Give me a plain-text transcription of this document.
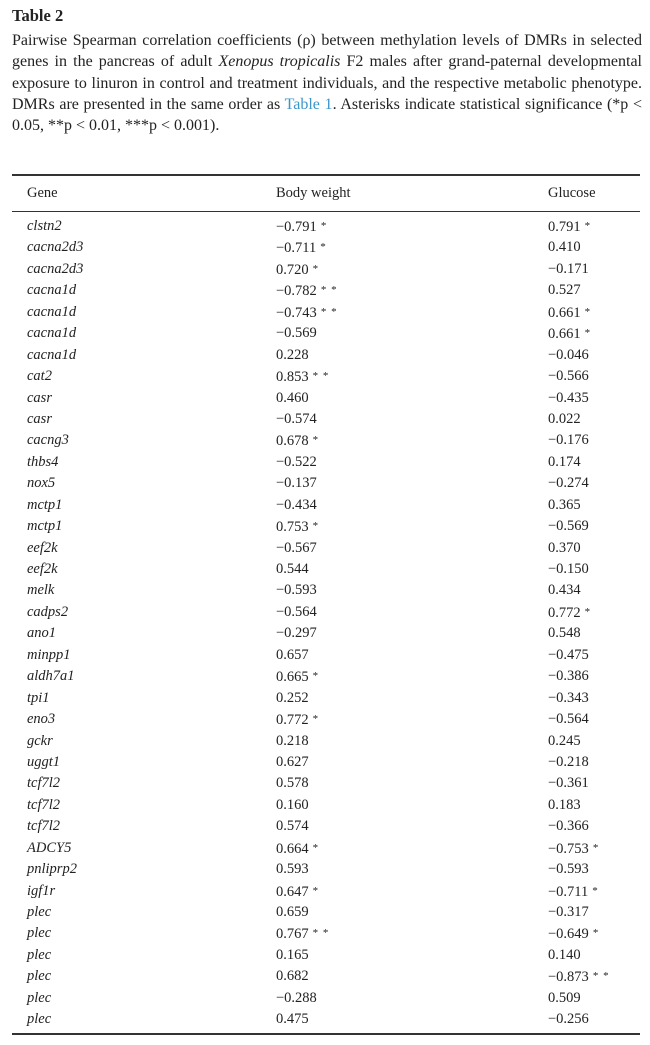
Table 2
Pairwise Spearman correlation coefficients (ρ) between methylation levels of DMRs in selected genes in the pancreas of adult Xenopus tropicalis F2 males after grand-paternal developmental exposure to linuron in control and treatment individuals, and the respective metabolic phenotype. DMRs are presented in the same order as Table 1. Asterisks indicate statistical significance (*p < 0.05, **p < 0.01, ***p < 0.001).
Gene	Body weight	Glucose
clstn2	−0.791 *	0.791 *
cacna2d3	−0.711 *	0.410
cacna2d3	0.720 *	−0.171
cacna1d	−0.782 * *	0.527
cacna1d	−0.743 * *	0.661 *
cacna1d	−0.569	0.661 *
cacna1d	0.228	−0.046
cat2	0.853 * *	−0.566
casr	0.460	−0.435
casr	−0.574	0.022
cacng3	0.678 *	−0.176
thbs4	−0.522	0.174
nox5	−0.137	−0.274
mctp1	−0.434	0.365
mctp1	0.753 *	−0.569
eef2k	−0.567	0.370
eef2k	0.544	−0.150
melk	−0.593	0.434
cadps2	−0.564	0.772 *
ano1	−0.297	0.548
minpp1	0.657	−0.475
aldh7a1	0.665 *	−0.386
tpi1	0.252	−0.343
eno3	0.772 *	−0.564
gckr	0.218	0.245
uggt1	0.627	−0.218
tcf7l2	0.578	−0.361
tcf7l2	0.160	0.183
tcf7l2	0.574	−0.366
ADCY5	0.664 *	−0.753 *
pnliprp2	0.593	−0.593
igf1r	0.647 *	−0.711 *
plec	0.659	−0.317
plec	0.767 * *	−0.649 *
plec	0.165	0.140
plec	0.682	−0.873 * *
plec	−0.288	0.509
plec	0.475	−0.256
